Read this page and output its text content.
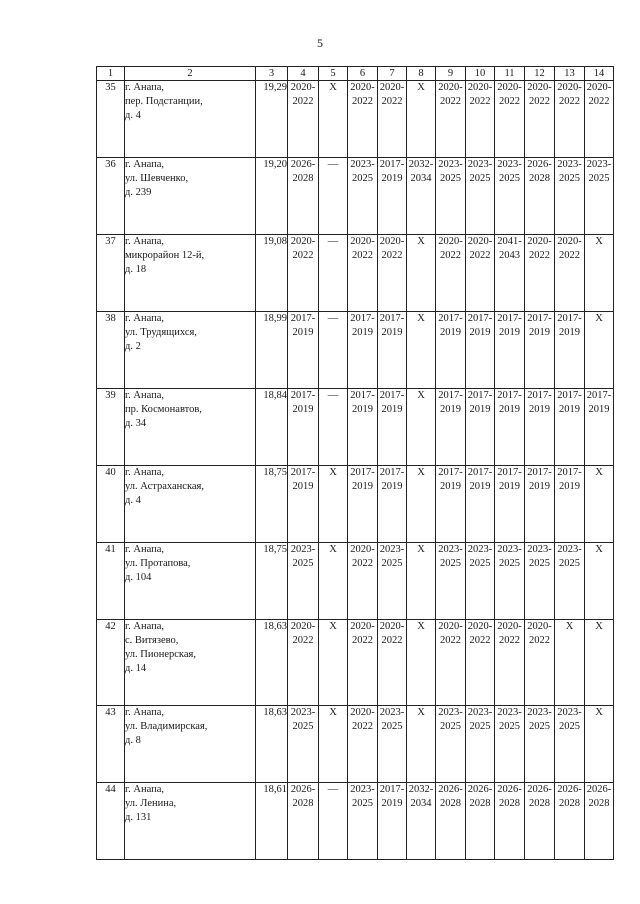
5
1	2	3	4	5	6	7	8	9	10	11	12	13	14
35	г. Анапа,
пер. Подстанции,
д. 4	19,29	2020-
2022	X	2020-
2022	2020-
2022	X	2020-
2022	2020-
2022	2020-
2022	2020-
2022	2020-
2022	2020-
2022

36	г. Анапа,
ул. Шевченко,
д. 239	19,20	2026-
2028	—	2023-
2025	2017-
2019	2032-
2034	2023-
2025	2023-
2025	2023-
2025	2026-
2028	2023-
2025	2023-
2025

37	г. Анапа,
микрорайон 12-й,
д. 18	19,08	2020-
2022	—	2020-
2022	2020-
2022	X	2020-
2022	2020-
2022	2041-
2043	2020-
2022	2020-
2022	X

38	г. Анапа,
ул. Трудящихся,
д. 2	18,99	2017-
2019	—	2017-
2019	2017-
2019	X	2017-
2019	2017-
2019	2017-
2019	2017-
2019	2017-
2019	X

39	г. Анапа,
пр. Космонавтов,
д. 34	18,84	2017-
2019	—	2017-
2019	2017-
2019	X	2017-
2019	2017-
2019	2017-
2019	2017-
2019	2017-
2019	2017-
2019

40	г. Анапа,
ул. Астраханская,
д. 4	18,75	2017-
2019	X	2017-
2019	2017-
2019	X	2017-
2019	2017-
2019	2017-
2019	2017-
2019	2017-
2019	X

41	г. Анапа,
ул. Протапова,
д. 104	18,75	2023-
2025	X	2020-
2022	2023-
2025	X	2023-
2025	2023-
2025	2023-
2025	2023-
2025	2023-
2025	X

42	г. Анапа,
с. Витязево,
ул. Пионерская,
д. 14	18,63	2020-
2022	X	2020-
2022	2020-
2022	X	2020-
2022	2020-
2022	2020-
2022	2020-
2022	X	X

43	г. Анапа,
ул. Владимирская,
д. 8	18,63	2023-
2025	X	2020-
2022	2023-
2025	X	2023-
2025	2023-
2025	2023-
2025	2023-
2025	2023-
2025	X

44	г. Анапа,
ул. Ленина,
д. 131	18,61	2026-
2028	—	2023-
2025	2017-
2019	2032-
2034	2026-
2028	2026-
2028	2026-
2028	2026-
2028	2026-
2028	2026-
2028
